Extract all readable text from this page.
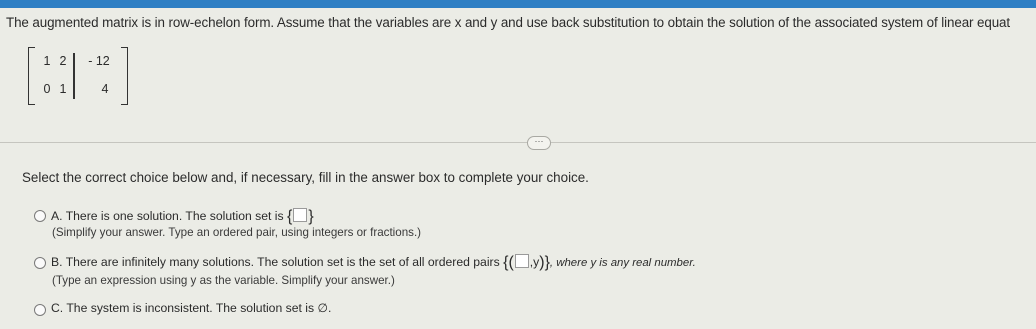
The augmented matrix is in row-echelon form. Assume that the variables are x and y and use back substitution to obtain the solution of the associated system of linear equat
1 2	- 12
0 1	4
···
Select the correct choice below and, if necessary, fill in the answer box to complete your choice.
A. There is one solution. The solution set is { }
(Simplify your answer. Type an ordered pair, using integers or fractions.)
B. There are infinitely many solutions. The solution set is the set of all ordered pairs {( ,y)}, where y is any real number.
(Type an expression using y as the variable. Simplify your answer.)
C. The system is inconsistent. The solution set is ∅.
